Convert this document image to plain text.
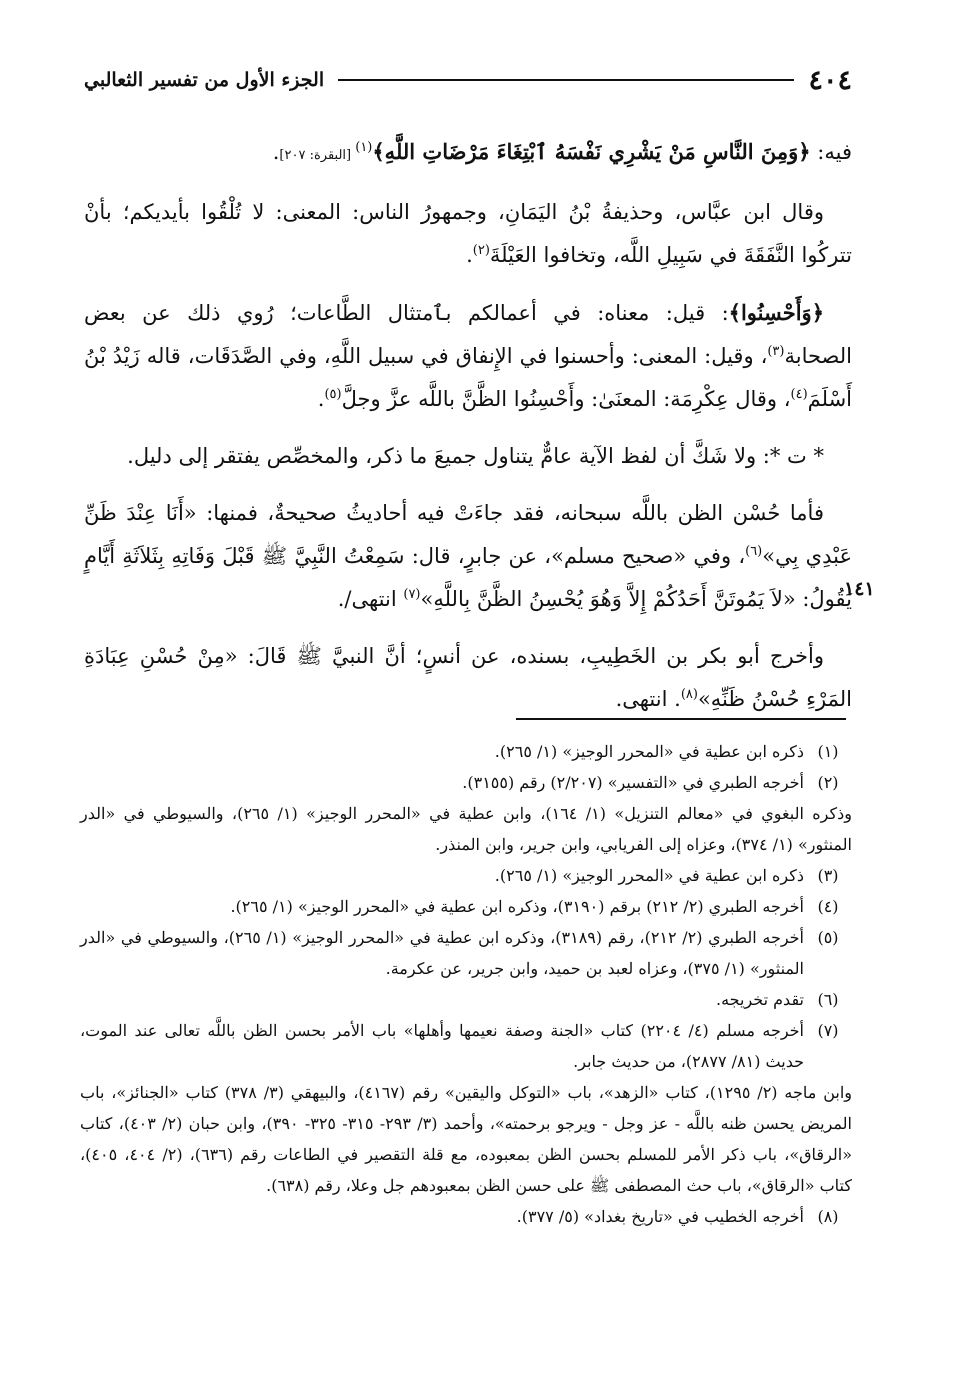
٤٠٤
الجزء الأول من تفسير الثعالبي

فيه: ﴿وَمِنَ النَّاسِ مَنْ يَشْرِي نَفْسَهُ ٱبْتِغَاءَ مَرْضَاتِ اللَّهِ﴾$^{(١)}$ [البقرة: ٢٠٧].

وقال ابن عبَّاس، وحذيفةُ بْنُ اليَمَانِ، وجمهورُ الناس: المعنى: لا تُلْقُوا بأيديكم؛ بأنْ تتركُوا النَّفَقَةَ في سَبِيلِ اللَّه، وتخافوا العَيْلَةَ$^{(٢)}$.

﴿وَأَحْسِنُوا﴾: قيل: معناه: في أعمالكم بٱمتثال الطَّاعات؛ رُوي ذلك عن بعض الصحابة$^{(٣)}$، وقيل: المعنى: وأحسنوا في الإِنفاق في سبيل اللَّهِ، وفي الصَّدَقَات، قاله زَيْدُ بْنُ أَسْلَمَ$^{(٤)}$، وقال عِكْرِمَة: المعنَىٰ: وأَحْسِنُوا الظَّنَّ باللَّه عزَّ وجلَّ$^{(٥)}$.

* ت *: ولا شَكَّ أن لفظ الآية عامٌّ يتناول جميعَ ما ذكر، والمخصِّص يفتقر إلى دليل.

فأما حُسْن الظن باللَّه سبحانه، فقد جاءَتْ فيه أحاديثُ صحيحةٌ، فمنها: «أَنَا عِنْدَ ظَنِّ عَبْدِي بِي»$^{(٦)}$، وفي «صحيح مسلم»، عن جابرٍ، قال: سَمِعْتُ النَّبِيَّ ﷺ قَبْلَ وَفَاتِهِ بِثَلاَثَةِ أَيَّامٍ يَقُولُ: «لاَ يَمُوتَنَّ أَحَدُكُمْ إِلاَّ وَهُوَ يُحْسِنُ الظَّنَّ بِاللَّهِ»$^{(٧)}$ انتهى/.

وأخرج أبو بكر بن الخَطِيبِ، بسنده، عن أنسٍ؛ أنَّ النبيَّ ﷺ قَالَ: «مِنْ حُسْنِ عِبَادَةِ المَرْءِ حُسْنُ ظَنِّهِ»$^{(٨)}$. انتهى.

١٤١
(١)
ذكره ابن عطية في «المحرر الوجيز» (١/ ٢٦٥).
(٢)
أخرجه الطبري في «التفسير» (٢/٢٠٧) رقم (٣١٥٥).
وذكره البغوي في «معالم التنزيل» (١/ ١٦٤)، وابن عطية في «المحرر الوجيز» (١/ ٢٦٥)، والسيوطي في «الدر المنثور» (١/ ٣٧٤)، وعزاه إلى الفريابي، وابن جرير، وابن المنذر.
(٣)
ذكره ابن عطية في «المحرر الوجيز» (١/ ٢٦٥).
(٤)
أخرجه الطبري (٢/ ٢١٢) برقم (٣١٩٠)، وذكره ابن عطية في «المحرر الوجيز» (١/ ٢٦٥).
(٥)
أخرجه الطبري (٢/ ٢١٢)، رقم (٣١٨٩)، وذكره ابن عطية في «المحرر الوجيز» (١/ ٢٦٥)، والسيوطي في «الدر المنثور» (١/ ٣٧٥)، وعزاه لعبد بن حميد، وابن جرير، عن عكرمة.
(٦)
تقدم تخريجه.
(٧)
أخرجه مسلم (٤/ ٢٢٠٤) كتاب «الجنة وصفة نعيمها وأهلها» باب الأمر بحسن الظن باللَّه تعالى عند الموت، حديث (٨١/ ٢٨٧٧)، من حديث جابر.
وابن ماجه (٢/ ١٢٩٥)، كتاب «الزهد»، باب «التوكل واليقين» رقم (٤١٦٧)، والبيهقي (٣/ ٣٧٨) كتاب «الجنائز»، باب المريض يحسن ظنه باللَّه - عز وجل - ويرجو برحمته»، وأحمد (٣/ ٢٩٣- ٣١٥- ٣٢٥- ٣٩٠)، وابن حبان (٢/ ٤٠٣)، كتاب «الرقاق»، باب ذكر الأمر للمسلم بحسن الظن بمعبوده، مع قلة التقصير في الطاعات رقم (٦٣٦)، (٢/ ٤٠٤، ٤٠٥)، كتاب «الرقاق»، باب حث المصطفى ﷺ على حسن الظن بمعبودهم جل وعلا، رقم (٦٣٨).
(٨)
أخرجه الخطيب في «تاريخ بغداد» (٥/ ٣٧٧).
